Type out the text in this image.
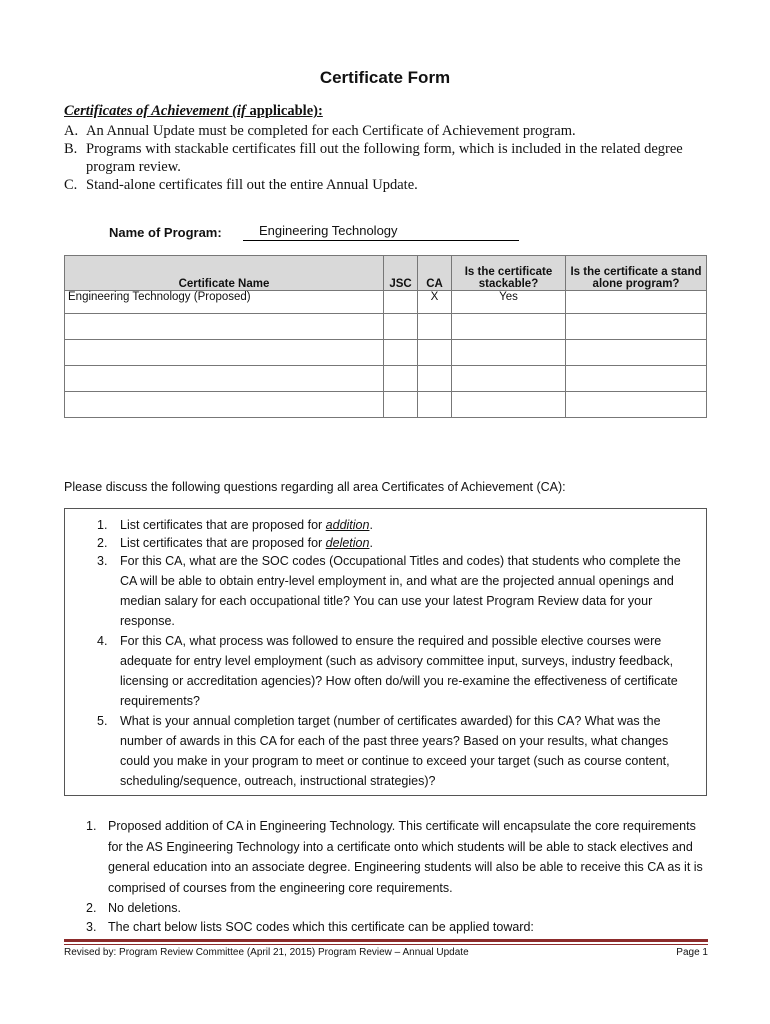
Certificate Form
Certificates of Achievement (if applicable):
A. An Annual Update must be completed for each Certificate of Achievement program.
B. Programs with stackable certificates fill out the following form, which is included in the related degree program review.
C. Stand-alone certificates fill out the entire Annual Update.
Name of Program:	Engineering Technology
Certificate Name	JSC	CA	Is the certificate stackable?	Is the certificate a stand alone program?
Engineering Technology (Proposed)		X	Yes	

Please discuss the following questions regarding all area Certificates of Achievement (CA):
1. List certificates that are proposed for addition.
2. List certificates that are proposed for deletion.
3. For this CA, what are the SOC codes (Occupational Titles and codes) that students who complete the CA will be able to obtain entry-level employment in, and what are the projected annual openings and median salary for each occupational title? You can use your latest Program Review data for your response.
4. For this CA, what process was followed to ensure the required and possible elective courses were adequate for entry level employment (such as advisory committee input, surveys, industry feedback, licensing or accreditation agencies)? How often do/will you re-examine the effectiveness of certificate requirements?
5. What is your annual completion target (number of certificates awarded) for this CA? What was the number of awards in this CA for each of the past three years? Based on your results, what changes could you make in your program to meet or continue to exceed your target (such as course content, scheduling/sequence, outreach, instructional strategies)?
1. Proposed addition of CA in Engineering Technology. This certificate will encapsulate the core requirements for the AS Engineering Technology into a certificate onto which students will be able to stack electives and general education into an associate degree. Engineering students will also be able to receive this CA as it is comprised of courses from the engineering core requirements.
2. No deletions.
3. The chart below lists SOC codes which this certificate can be applied toward:
Revised by: Program Review Committee (April 21, 2015) Program Review – Annual Update	Page 1
